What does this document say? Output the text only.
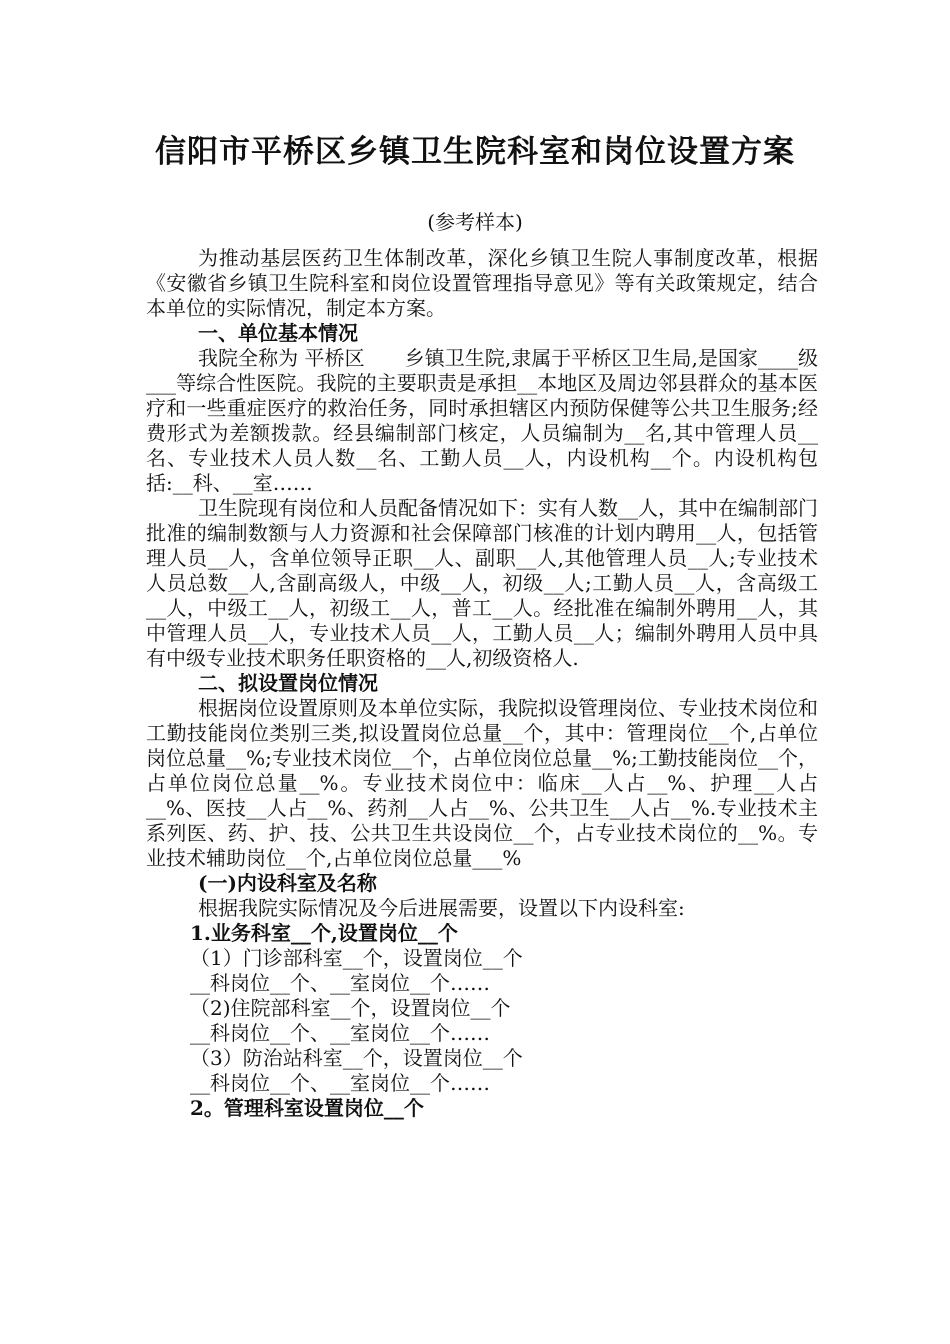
信阳市平桥区乡镇卫生院科室和岗位设置方案
(参考样本)

为推动基层医药卫生体制改革，深化乡镇卫生院人事制度改革，根据《安徽省乡镇卫生院科室和岗位设置管理指导意见》等有关政策规定，结合本单位的实际情况，制定本方案。

一、单位基本情况

我院全称为 平桥区　　乡镇卫生院,隶属于平桥区卫生局,是国家____级___等综合性医院。我院的主要职责是承担__本地区及周边邻县群众的基本医疗和一些重症医疗的救治任务，同时承担辖区内预防保健等公共卫生服务;经费形式为差额拨款。经县编制部门核定，人员编制为__名,其中管理人员__名、专业技术人员人数__名、工勤人员__人，内设机构__个。内设机构包括:__科、__室……

卫生院现有岗位和人员配备情况如下：实有人数__人，其中在编制部门批准的编制数额与人力资源和社会保障部门核准的计划内聘用__人，包括管理人员__人，含单位领导正职__人、副职__人,其他管理人员__人;专业技术人员总数__人,含副高级人，中级__人，初级__人;工勤人员__人，含高级工__人，中级工__人，初级工__人，普工__人。经批准在编制外聘用__人，其中管理人员__人，专业技术人员__人，工勤人员__人；编制外聘用人员中具有中级专业技术职务任职资格的__人,初级资格人.

二、拟设置岗位情况

根据岗位设置原则及本单位实际，我院拟设管理岗位、专业技术岗位和工勤技能岗位类别三类,拟设置岗位总量__个，其中：管理岗位__个,占单位岗位总量__%;专业技术岗位__个，占单位岗位总量__%;工勤技能岗位__个，占单位岗位总量__%。专业技术岗位中：临床__人占__%、护理__人占__%、医技__人占__%、药剂__人占__%、公共卫生__人占__%.专业技术主系列医、药、护、技、公共卫生共设岗位__个，占专业技术岗位的__%。专业技术辅助岗位__个,占单位岗位总量___%

(一)内设科室及名称

根据我院实际情况及今后进展需要，设置以下内设科室:

1.业务科室__个,设置岗位__个

（1）门诊部科室__个，设置岗位__个

__科岗位__个、__室岗位__个……

（2)住院部科室__个，设置岗位__个

__科岗位__个、__室岗位__个……

（3）防治站科室__个，设置岗位__个

__科岗位__个、__室岗位__个……

2。管理科室设置岗位__个
